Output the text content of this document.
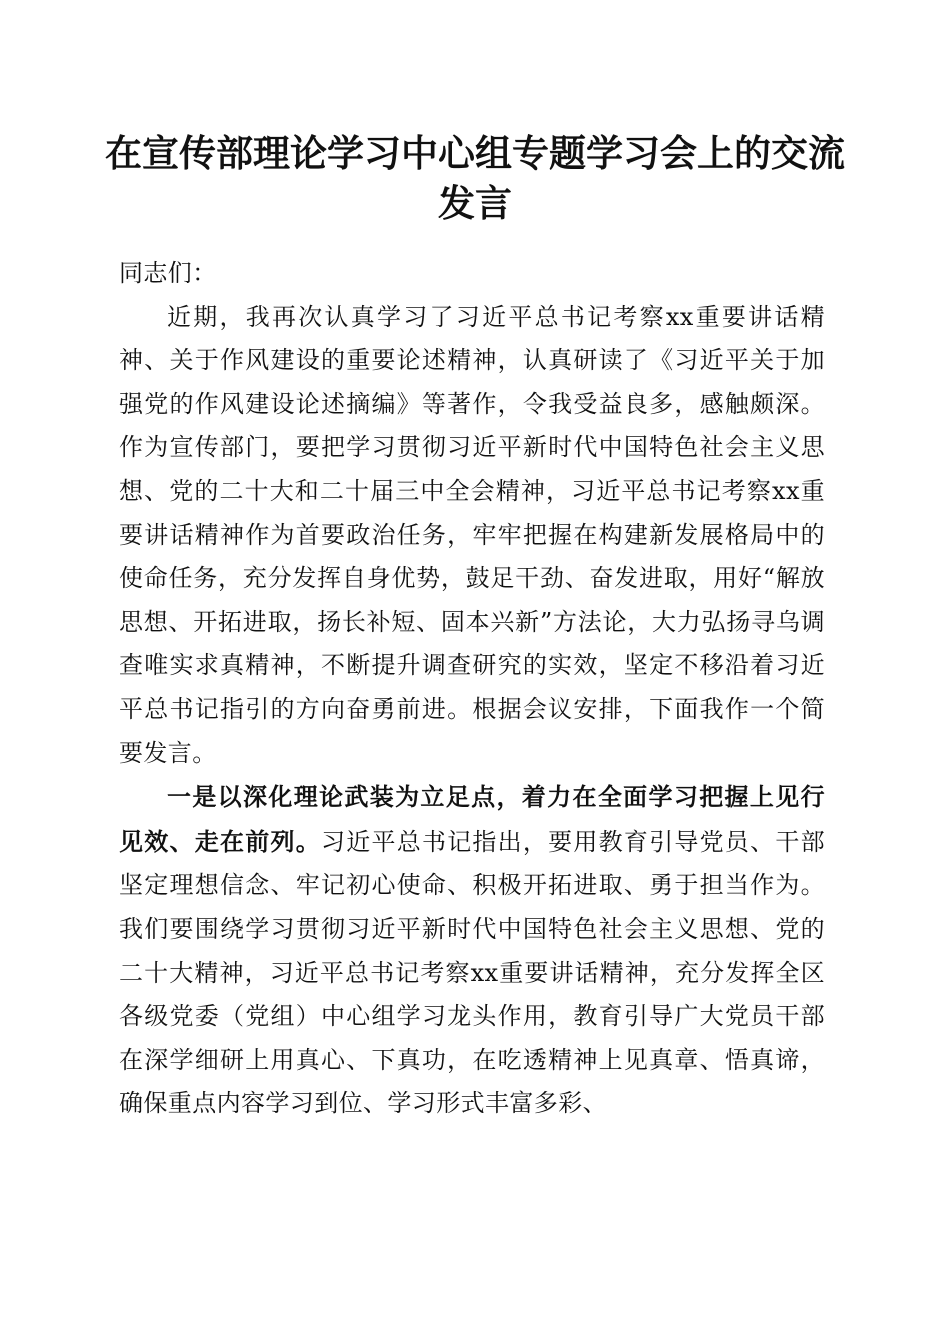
在宣传部理论学习中心组专题学习会上的交流发言

同志们：

近期，我再次认真学习了习近平总书记考察xx重要讲话精神、关于作风建设的重要论述精神，认真研读了《习近平关于加强党的作风建设论述摘编》等著作，令我受益良多，感触颇深。作为宣传部门，要把学习贯彻习近平新时代中国特色社会主义思想、党的二十大和二十届三中全会精神，习近平总书记考察xx重要讲话精神作为首要政治任务，牢牢把握在构建新发展格局中的使命任务，充分发挥自身优势，鼓足干劲、奋发进取，用好“解放思想、开拓进取，扬长补短、固本兴新”方法论，大力弘扬寻乌调查唯实求真精神，不断提升调查研究的实效，坚定不移沿着习近平总书记指引的方向奋勇前进。根据会议安排，下面我作一个简要发言。

一是以深化理论武装为立足点，着力在全面学习把握上见行见效、走在前列。习近平总书记指出，要用教育引导党员、干部坚定理想信念、牢记初心使命、积极开拓进取、勇于担当作为。我们要围绕学习贯彻习近平新时代中国特色社会主义思想、党的二十大精神，习近平总书记考察xx重要讲话精神，充分发挥全区各级党委（党组）中心组学习龙头作用，教育引导广大党员干部在深学细研上用真心、下真功，在吃透精神上见真章、悟真谛，确保重点内容学习到位、学习形式丰富多彩、
